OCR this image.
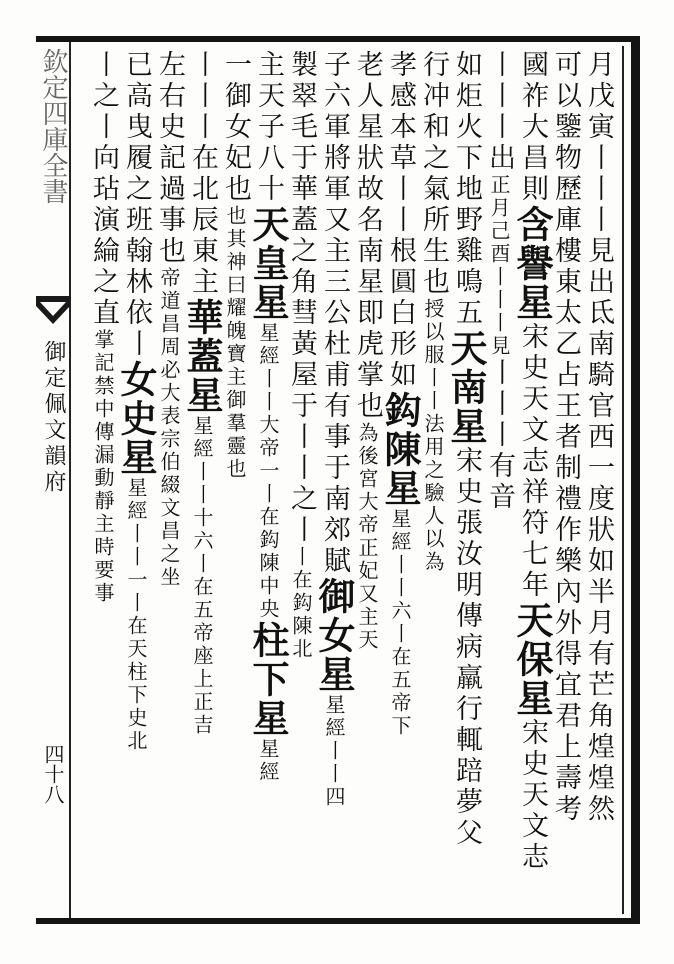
欽定四庫全書
御定佩文韻府
四十八	月戊寅丨丨丨見出氐南騎官西一度狀如半月有芒角煌煌然
可以鑒物歷庫樓東太乙占王者制禮作樂內外得宜君上壽考
國祚大昌則含譽星宋史天文志祥符七年天保星宋史天文志
丨丨丨出正月己酉丨丨丨見丨丨丨有音
如炬火下地野雞鳴五天南星宋史張汝明傳病羸行輒踣夢父
行冲和之氣所生也授以服丨丨法用之驗人以為
孝感本草丨丨根圓白形如鈎陳星星經丨丨六丨在五帝下
老人星狀故名南星即虎掌也為後宮大帝正妃又主天
子六軍將軍又主三公杜甫有事于南郊賦御女星星經丨丨四
製翠毛于華蓋之角彗黃屋于丨丨之丨丨在鈎陳北
主天子八十天皇星星經丨丨大帝一丨在鈎陳中央柱下星星經
一御女妃也也其神曰耀魄寶主御羣靈也
丨丨丨在北辰東主華蓋星星經丨丨十六丨在五帝座上正吉
左右史記過事也帝道昌周必大表宗伯綴文昌之坐
已高曳履之班翰林依丨女史星星經丨丨一丨在天柱下史北
丨之丨向玷演綸之直掌記禁中傳漏動靜主時要事
